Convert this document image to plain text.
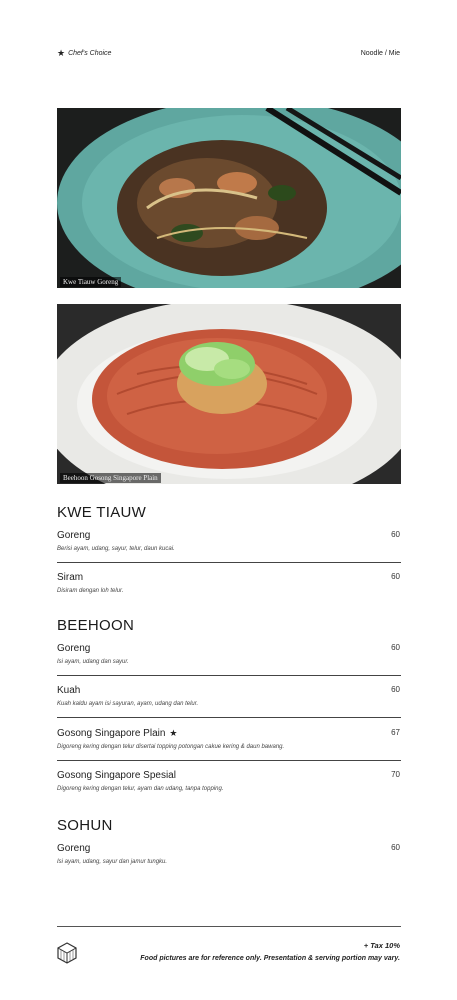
★ Chef's Choice	Noodle / Mie
Kwe Tiauw Goreng
Beehoon Gosong Singapore Plain
KWE TIAUW
Goreng
Berisi ayam, udang, sayur, telur, daun kucai.
60
Siram
Disiram dengan loh telur.
60
BEEHOON
Goreng
Isi ayam, udang dan sayur.
60
Kuah
Kuah kaldu ayam isi sayuran, ayam, udang dan telur.
60
Gosong Singapore Plain ★
Digoreng kering dengan telur disertai topping potongan cakue kering & daun bawang.
67
Gosong Singapore Spesial
Digoreng kering dengan telur, ayam dan udang, tanpa topping.
70
SOHUN
Goreng
Isi ayam, udang, sayur dan jamur tungku.
60
+ Tax 10%
Food pictures are for reference only. Presentation & serving portion may vary.
